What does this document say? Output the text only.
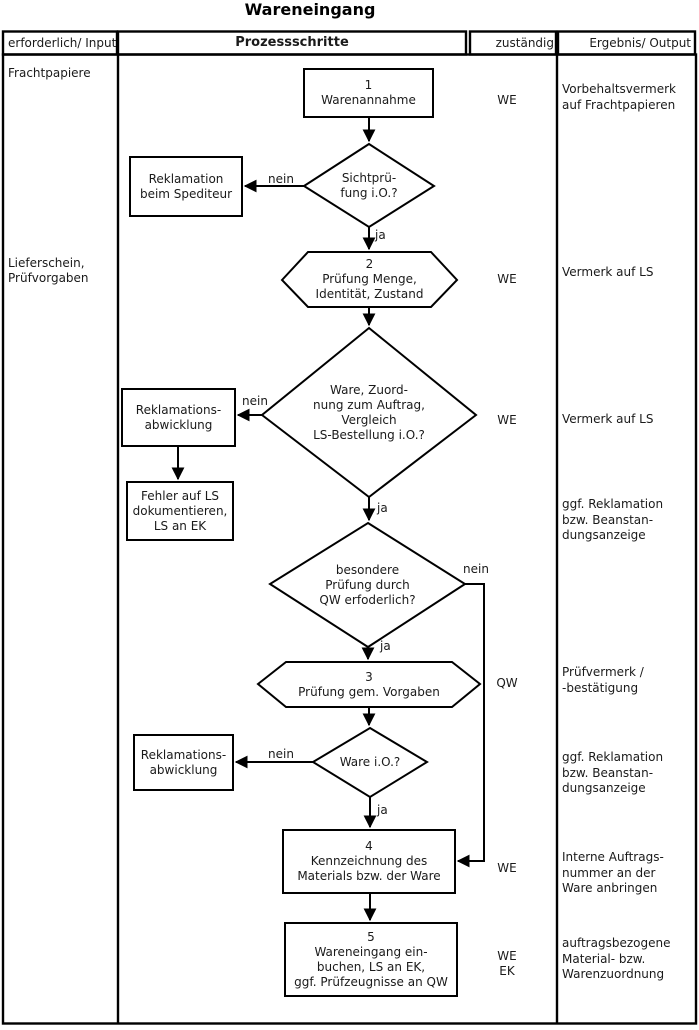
Wareneingang
erforderlich/ Input	Prozessschritte	zuständig	Ergebnis/ Output
Frachtpapiere
Lieferschein,
Prüfvorgaben
1
Warenannahme
Sichtprü-
fung i.O.?
Reklamation
beim Spediteur
2
Prüfung Menge,
Identität, Zustand
Ware, Zuord-
nung zum Auftrag,
Vergleich
LS-Bestellung i.O.?
Reklamations-
abwicklung
Fehler auf LS
dokumentieren,
LS an EK
besondere
Prüfung durch
QW erfoderlich?
3
Prüfung gem. Vorgaben
Ware i.O.?
Reklamations-
abwicklung
4
Kennzeichnung des
Materials bzw. der Ware
5
Wareneingang ein-
buchen, LS an EK,
ggf. Prüfzeugnisse an QW
nein
ja
nein
ja
nein
ja
nein
ja
WE
WE
WE
QW
WE
WE
EK
Vorbehaltsvermerk
auf Frachtpapieren
Vermerk auf LS
Vermerk auf LS
ggf. Reklamation
bzw. Beanstan-
dungsanzeige
Prüfvermerk /
-bestätigung
ggf. Reklamation
bzw. Beanstan-
dungsanzeige
Interne Auftrags-
nummer an der
Ware anbringen
auftragsbezogene
Material- bzw.
Warenzuordnung
